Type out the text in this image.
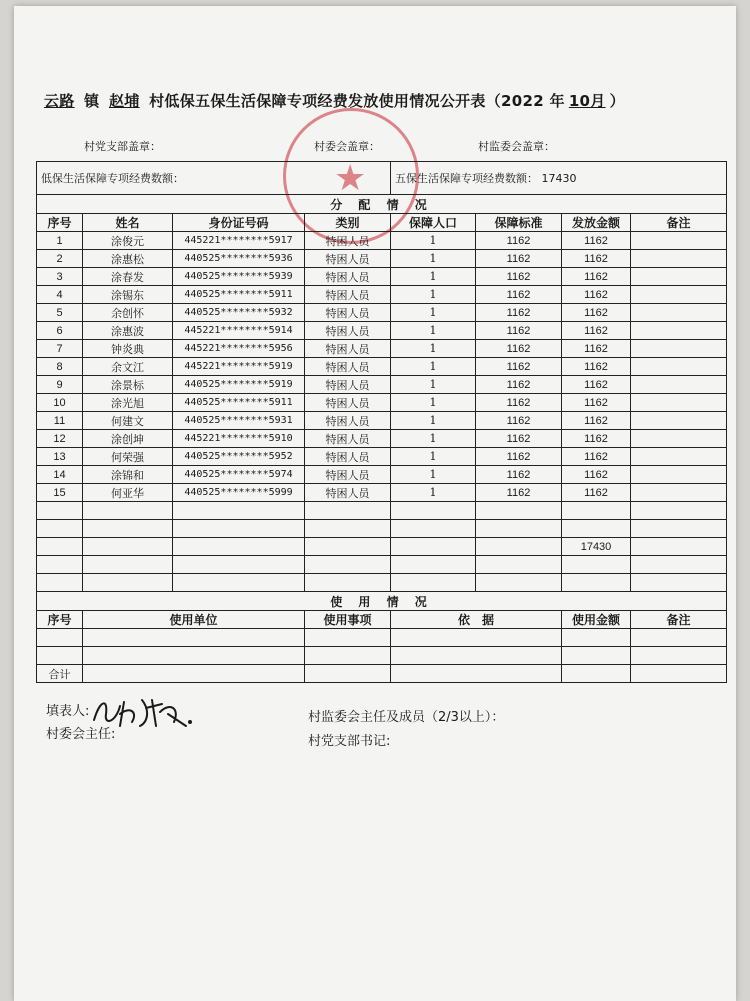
★
云路 镇 赵埔 村低保五保生活保障专项经费发放使用情况公开表（2022 年 10月 ）
村党支部盖章：	村委会盖章：	村监委会盖章：
低保生活保障专项经费数额：				五保生活保障专项经费数额： 17430			
分 配 情 况							
序号	姓名	身份证号码	类别	保障人口	保障标准	发放金额	备注
1	涂俊元	445221********5917	特困人员	1	1162	1162	
2	涂惠松	440525********5936	特困人员	1	1162	1162	
3	涂春发	440525********5939	特困人员	1	1162	1162	
4	涂锡东	440525********5911	特困人员	1	1162	1162	
5	余创怀	440525********5932	特困人员	1	1162	1162	
6	涂惠波	445221********5914	特困人员	1	1162	1162	
7	钟炎典	445221********5956	特困人员	1	1162	1162	
8	余文江	445221********5919	特困人员	1	1162	1162	
9	涂景标	440525********5919	特困人员	1	1162	1162	
10	涂光旭	440525********5911	特困人员	1	1162	1162	
11	何建文	440525********5931	特困人员	1	1162	1162	
12	涂创坤	445221********5910	特困人员	1	1162	1162	
13	何荣强	440525********5952	特困人员	1	1162	1162	
14	涂锦和	440525********5974	特困人员	1	1162	1162	
15	何亚华	440525********5999	特困人员	1	1162	1162	

						17430	

使 用 情 况							
序号	使用单位		使用事项	依　据		使用金额	备注

合计							
填表人:
村委会主任:
村监委会主任及成员（2/3以上）：
村党支部书记:
